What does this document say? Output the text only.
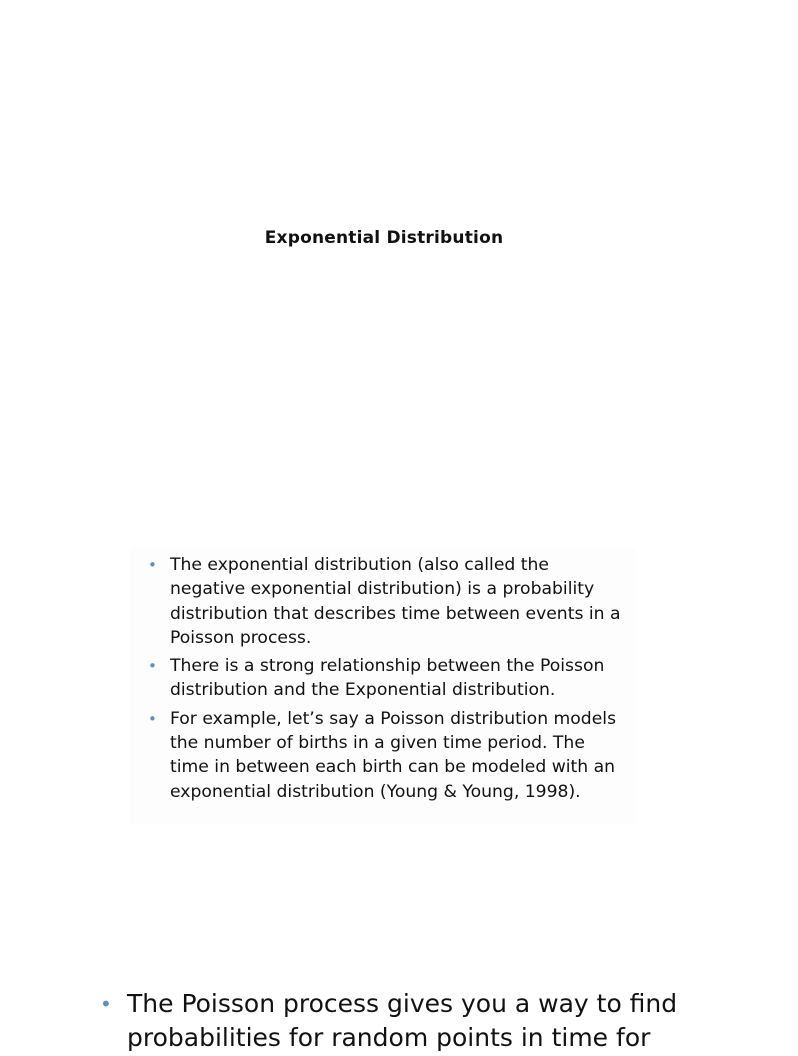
Exponential Distribution
• The exponential distribution (also called the
negative exponential distribution) is a probability
distribution that describes time between events in a
Poisson process.
• There is a strong relationship between the Poisson
distribution and the Exponential distribution.
• For example, let’s say a Poisson distribution models
the number of births in a given time period. The
time in between each birth can be modeled with an
exponential distribution (Young & Young, 1998).
• The Poisson process gives you a way to find
probabilities for random points in time for
